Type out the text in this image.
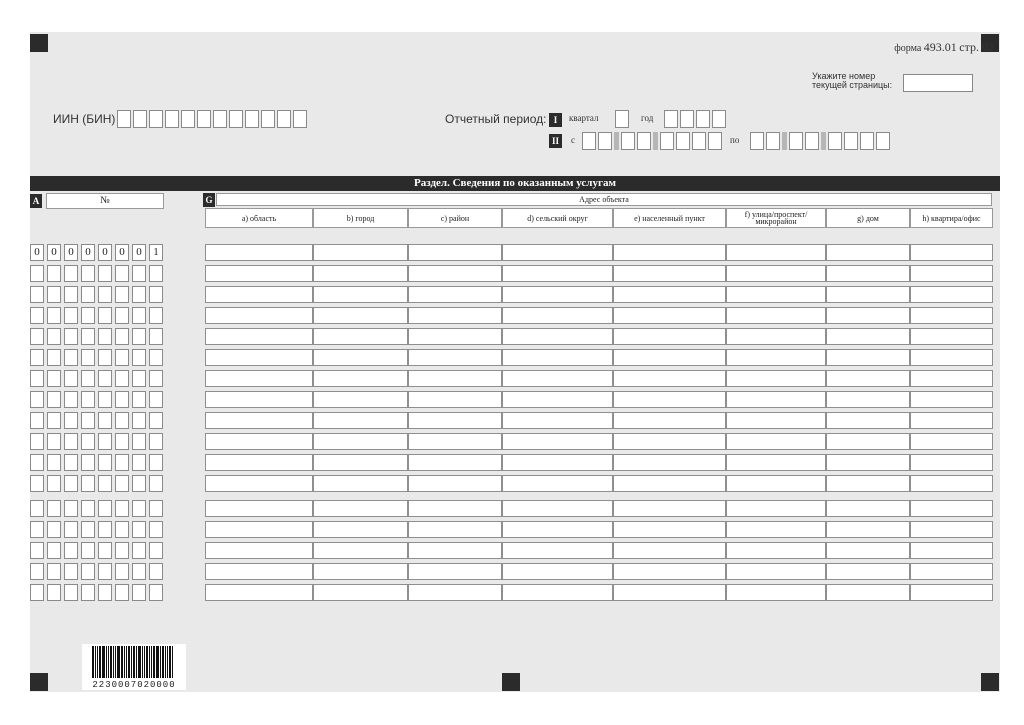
форма 493.01 стр. 02
Укажите номер
текущей страницы:
ИИН (БИН)	Отчетный период: I	квартал	год
II	с	по
Раздел. Сведения по оказанным услугам
A	№	G	Адрес объекта
a) область	b) город	c) район	d) сельский округ	e) населенный пункт	f) улица/проспект/ микрорайон	g) дом	h) квартира/офис
0	0	0	0	0	0	0	1
2230007020000
